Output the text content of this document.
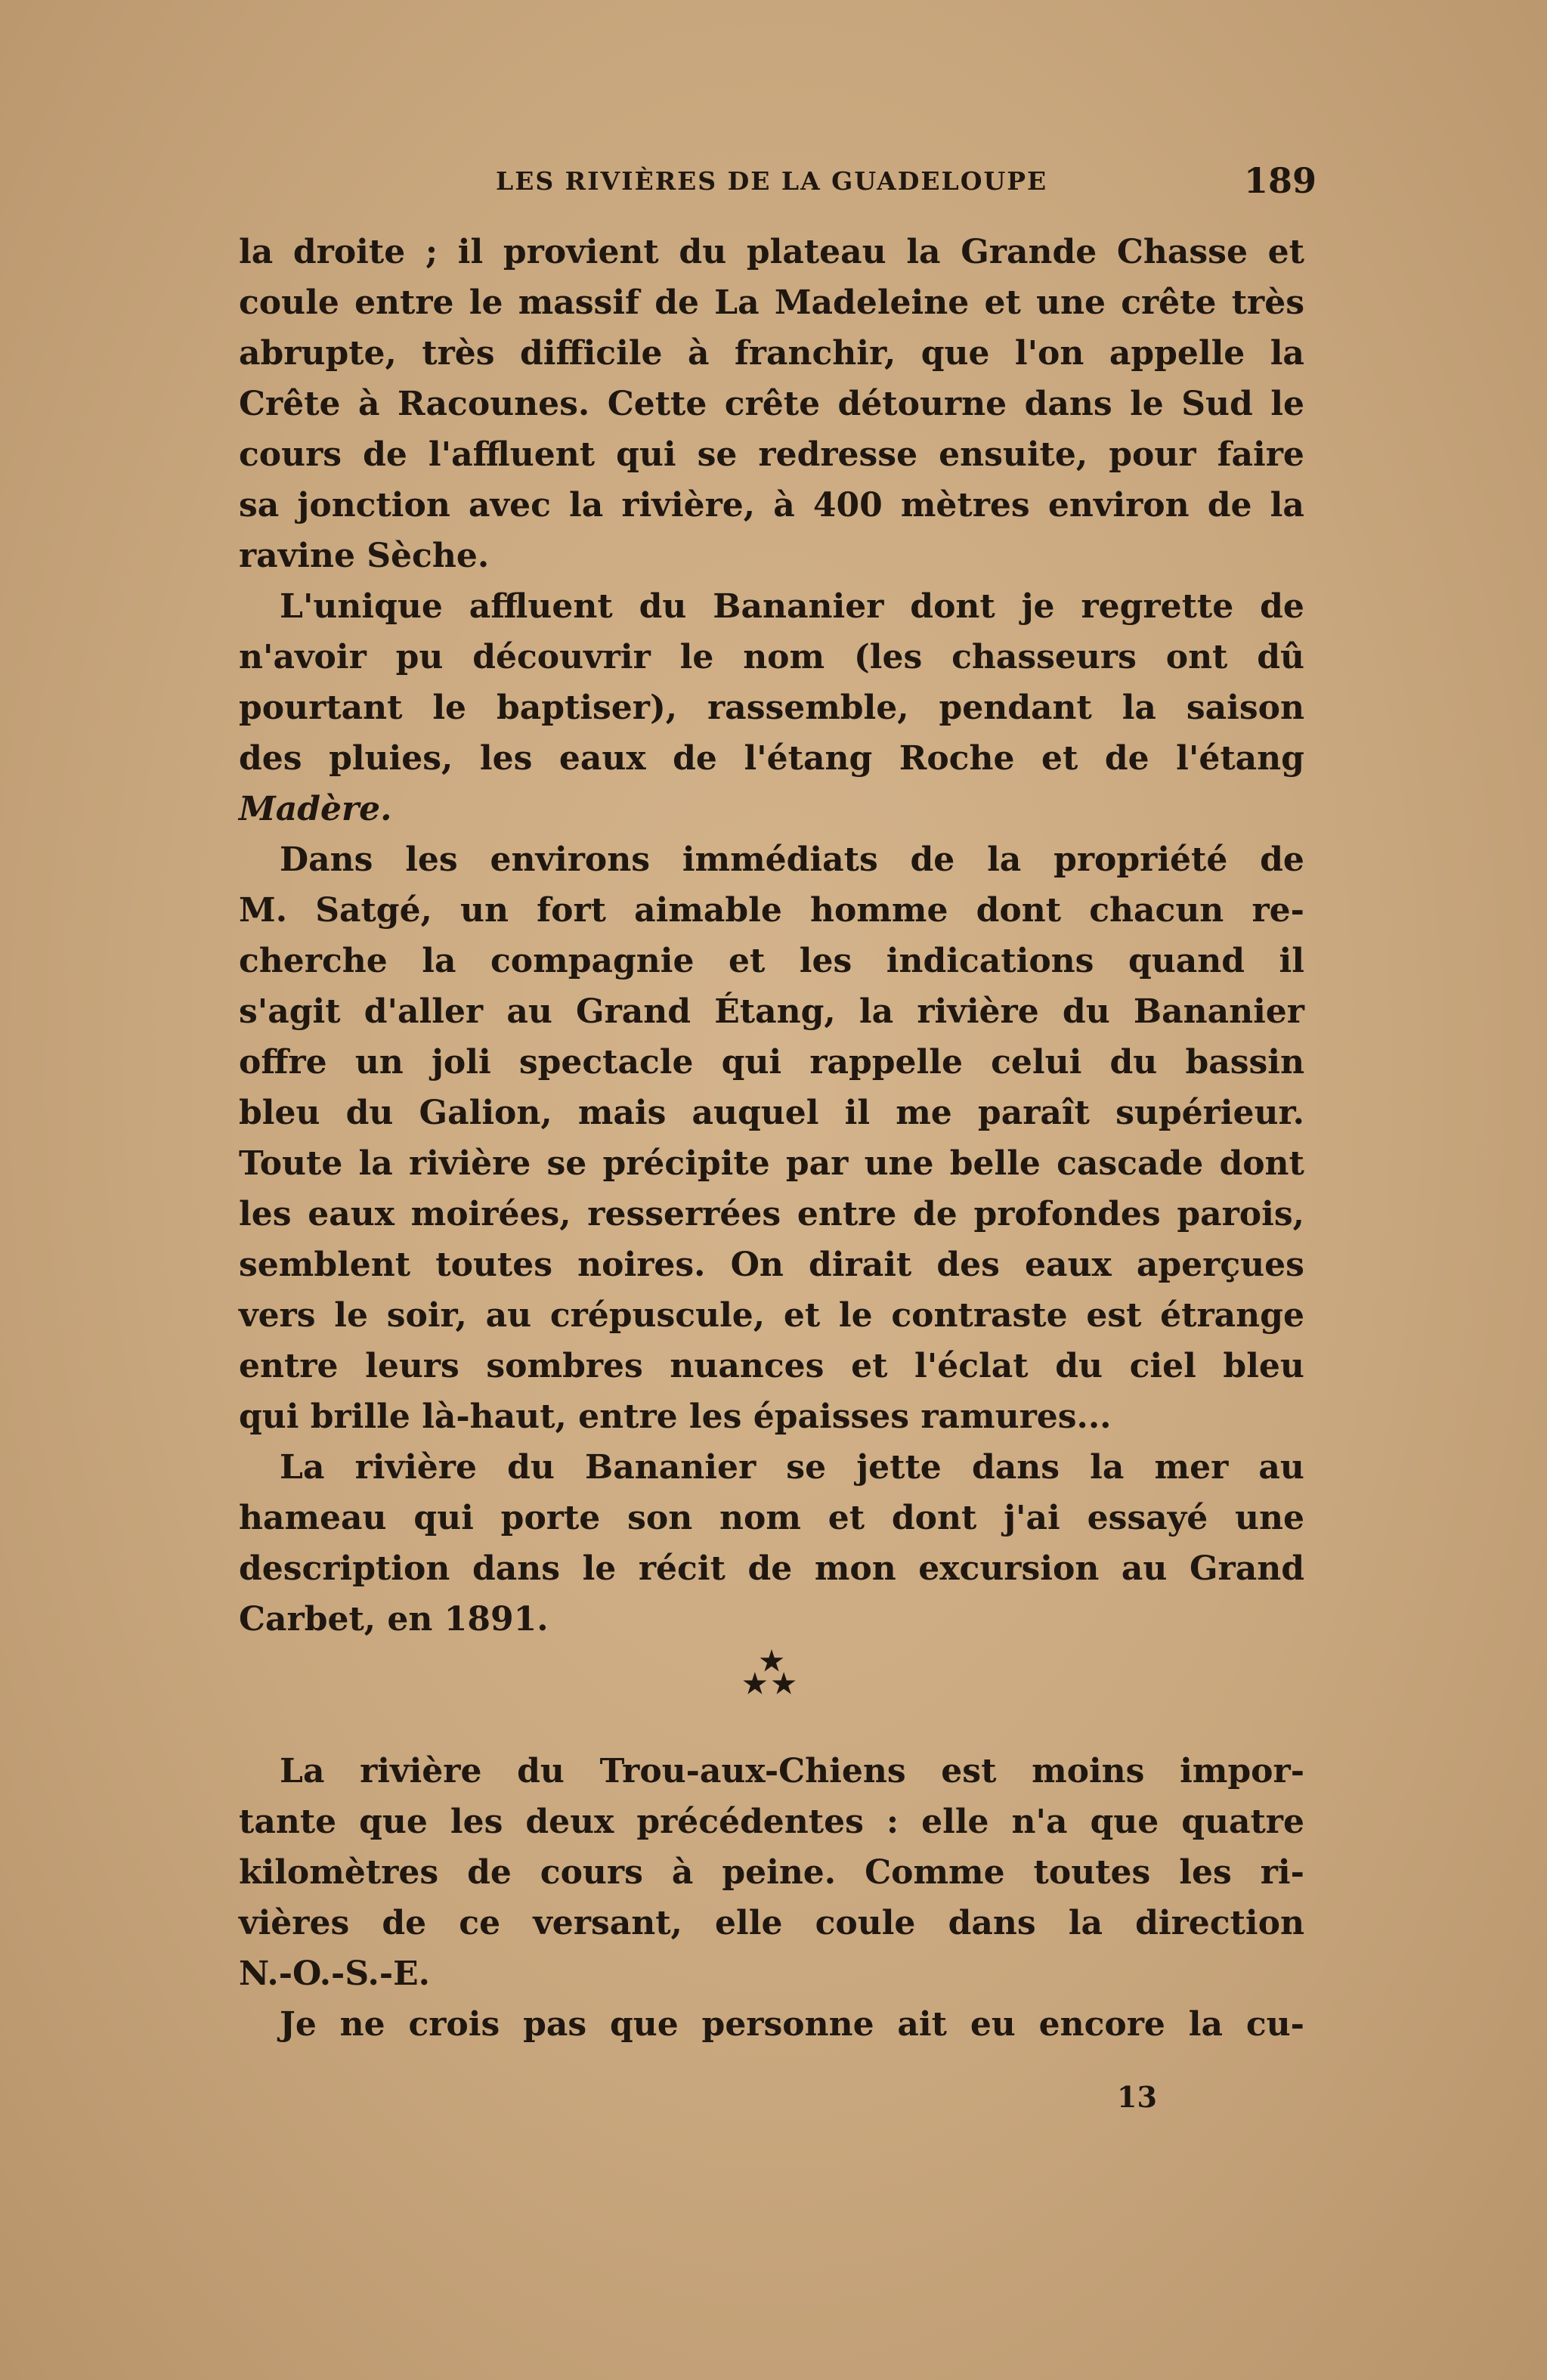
LES RIVIÈRES DE LA GUADELOUPE	189
la droite ; il provient du plateau la Grande Chasse et
coule entre le massif de La Madeleine et une crête très
abrupte, très difficile à franchir, que l'on appelle la
Crête à Racounes. Cette crête détourne dans le Sud le
cours de l'affluent qui se redresse ensuite, pour faire
sa jonction avec la rivière, à 400 mètres environ de la
ravine Sèche.
L'unique affluent du Bananier dont je regrette de
n'avoir pu découvrir le nom (les chasseurs ont dû
pourtant le baptiser), rassemble, pendant la saison
des pluies, les eaux de l'étang Roche et de l'étang
Madère.
Dans les environs immédiats de la propriété de
M. Satgé, un fort aimable homme dont chacun re-
cherche la compagnie et les indications quand il
s'agit d'aller au Grand Étang, la rivière du Bananier
offre un joli spectacle qui rappelle celui du bassin
bleu du Galion, mais auquel il me paraît supérieur.
Toute la rivière se précipite par une belle cascade dont
les eaux moirées, resserrées entre de profondes parois,
semblent toutes noires. On dirait des eaux aperçues
vers le soir, au crépuscule, et le contraste est étrange
entre leurs sombres nuances et l'éclat du ciel bleu
qui brille là-haut, entre les épaisses ramures...
La rivière du Bananier se jette dans la mer au
hameau qui porte son nom et dont j'ai essayé une
description dans le récit de mon excursion au Grand
Carbet, en 1891.
★
★★
La rivière du Trou-aux-Chiens est moins impor-
tante que les deux précédentes : elle n'a que quatre
kilomètres de cours à peine. Comme toutes les ri-
vières de ce versant, elle coule dans la direction
N.-O.-S.-E.
Je ne crois pas que personne ait eu encore la cu-
13
